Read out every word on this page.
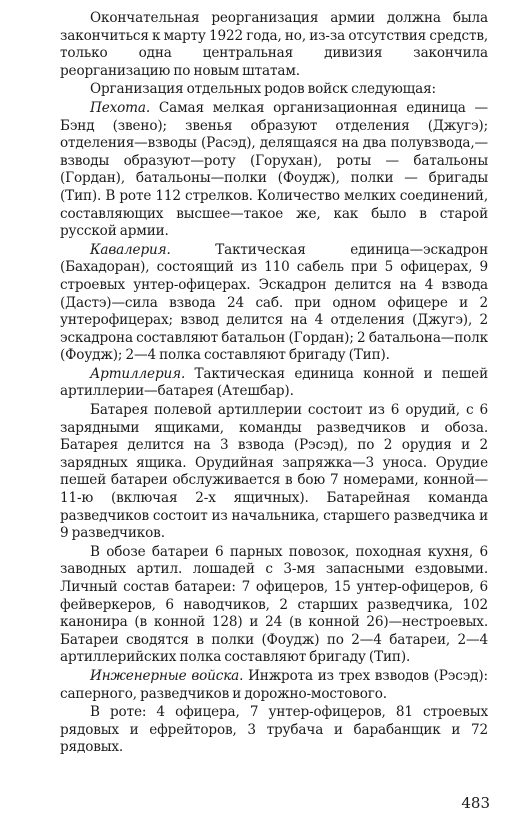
Окончательная реорганизация армии должна была закончиться к марту 1922 года, но, из-за отсутствия средств, только одна центральная дивизия закончила реорганизацию по новым штатам.

Организация отдельных родов войск следующая:

Пехота. Самая мелкая организационная единица — Бэнд (звено); звенья образуют отделения (Джугэ); отделения—взводы (Расэд), делящаяся на два полувзвода,— взводы образуют—роту (Горухан), роты — батальоны (Гордан), батальоны—полки (Фоудж), полки — бригады (Тип). В роте 112 стрелков. Количество мелких соединений, составляющих высшее—такое же, как было в старой русской армии.

Кавалерия. Тактическая единица—эскадрон (Бахадоран), состоящий из 110 сабель при 5 офицерах, 9 строевых унтер-офицерах. Эскадрон делится на 4 взвода (Дастэ)—сила взвода 24 саб. при одном офицере и 2 унтерофицерах; взвод делится на 4 отделения (Джугэ), 2 эскадрона составляют батальон (Гордан); 2 батальона—полк (Фоудж); 2—4 полка составляют бригаду (Тип).

Артиллерия. Тактическая единица конной и пешей артиллерии—батарея (Атешбар).

Батарея полевой артиллерии состоит из 6 орудий, с 6 зарядными ящиками, команды разведчиков и обоза. Батарея делится на 3 взвода (Рэсэд), по 2 орудия и 2 зарядных ящика. Орудийная запряжка—3 уноса. Орудие пешей батареи обслуживается в бою 7 номерами, конной—11-ю (включая 2-х ящичных). Батарейная команда разведчиков состоит из начальника, старшего разведчика и 9 разведчиков.

В обозе батареи 6 парных повозок, походная кухня, 6 заводных артил. лошадей с 3-мя запасными ездовыми. Личный состав батареи: 7 офицеров, 15 унтер-офицеров, 6 фейверкеров, 6 наводчиков, 2 старших разведчика, 102 канонира (в конной 128) и 24 (в конной 26)—нестроевых. Батареи сводятся в полки (Фоудж) по 2—4 батареи, 2—4 артиллерийских полка составляют бригаду (Тип).

Инженерные войска. Инжрота из трех взводов (Рэсэд): саперного, разведчиков и дорожно-мостового.

В роте: 4 офицера, 7 унтер-офицеров, 81 строевых рядовых и ефрейторов, 3 трубача и барабанщик и 72 рядовых.

483
